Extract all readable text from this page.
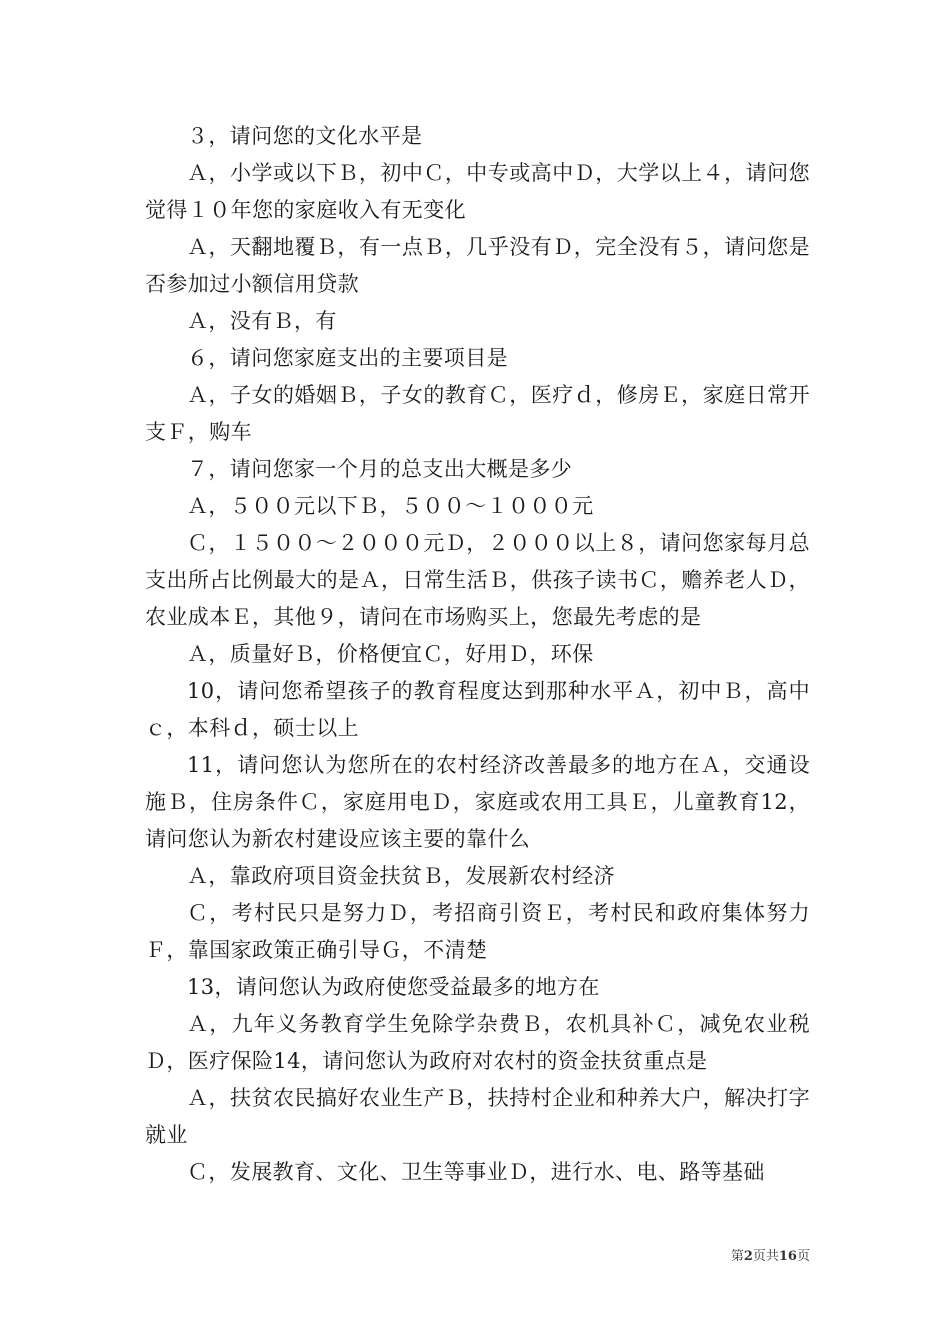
３，请问您的文化水平是

Ａ，小学或以下Ｂ，初中Ｃ，中专或高中Ｄ，大学以上４，请问您觉得１０年您的家庭收入有无变化

Ａ，天翻地覆Ｂ，有一点Ｂ，几乎没有Ｄ，完全没有５，请问您是否参加过小额信用贷款

Ａ，没有Ｂ，有

６，请问您家庭支出的主要项目是

Ａ，子女的婚姻Ｂ，子女的教育Ｃ，医疗ｄ，修房Ｅ，家庭日常开支Ｆ，购车

７，请问您家一个月的总支出大概是多少

Ａ，５００元以下Ｂ，５００～１０００元

Ｃ，１５００～２０００元Ｄ，２０００以上８，请问您家每月总支出所占比例最大的是Ａ，日常生活Ｂ，供孩子读书Ｃ，赡养老人Ｄ，农业成本Ｅ，其他９，请问在市场购买上，您最先考虑的是

Ａ，质量好Ｂ，价格便宜Ｃ，好用Ｄ，环保

10，请问您希望孩子的教育程度达到那种水平Ａ，初中Ｂ，高中ｃ，本科ｄ，硕士以上

11，请问您认为您所在的农村经济改善最多的地方在Ａ，交通设施Ｂ，住房条件Ｃ，家庭用电Ｄ，家庭或农用工具Ｅ，儿童教育12，请问您认为新农村建设应该主要的靠什么

Ａ，靠政府项目资金扶贫Ｂ，发展新农村经济

Ｃ，考村民只是努力Ｄ，考招商引资Ｅ，考村民和政府集体努力Ｆ，靠国家政策正确引导Ｇ，不清楚

13，请问您认为政府使您受益最多的地方在

Ａ，九年义务教育学生免除学杂费Ｂ，农机具补Ｃ，减免农业税Ｄ，医疗保险14，请问您认为政府对农村的资金扶贫重点是

Ａ，扶贫农民搞好农业生产Ｂ，扶持村企业和种养大户，解决打字就业

Ｃ，发展教育、文化、卫生等事业Ｄ，进行水、电、路等基础

第2页共16页
